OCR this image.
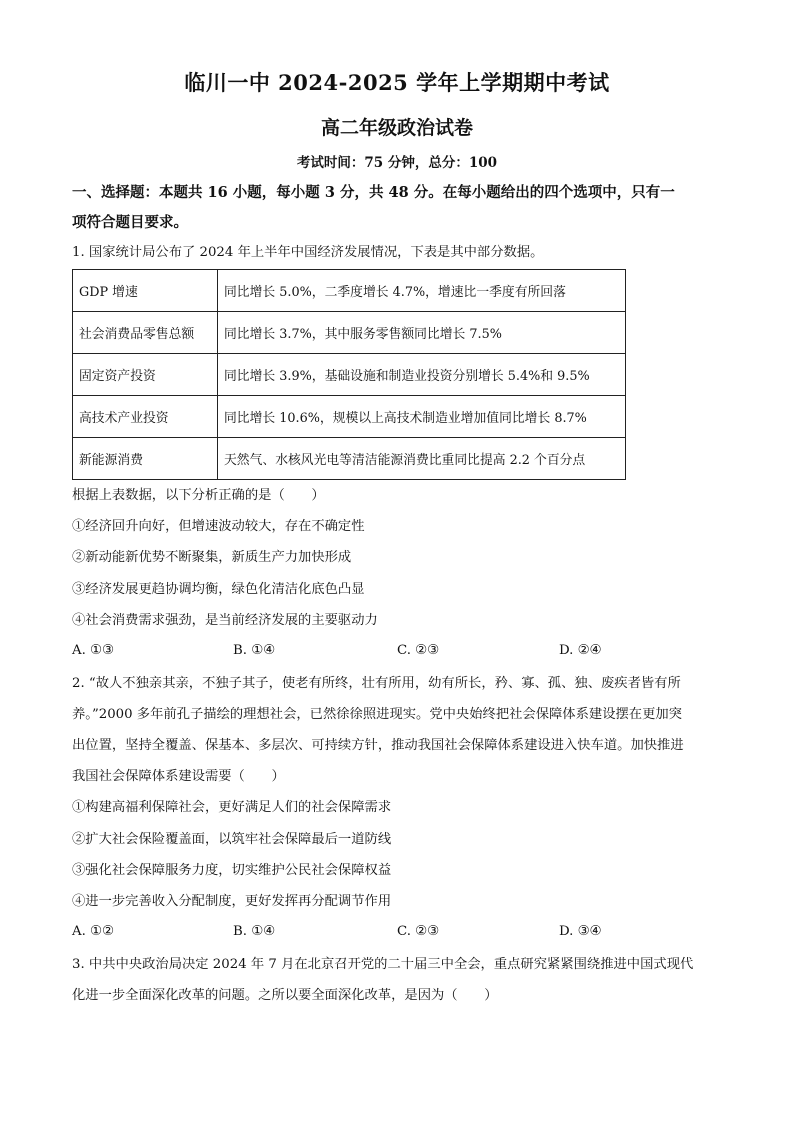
临川一中 2024-2025 学年上学期期中考试
高二年级政治试卷
考试时间：75 分钟，总分：100
一、选择题：本题共 16 小题，每小题 3 分，共 48 分。在每小题给出的四个选项中，只有一
项符合题目要求。
1. 国家统计局公布了 2024 年上半年中国经济发展情况，下表是其中部分数据。
GDP 增速	同比增长 5.0%，二季度增长 4.7%，增速比一季度有所回落
社会消费品零售总额	同比增长 3.7%，其中服务零售额同比增长 7.5%
固定资产投资	同比增长 3.9%，基础设施和制造业投资分别增长 5.4%和 9.5%
高技术产业投资	同比增长 10.6%，规模以上高技术制造业增加值同比增长 8.7%
新能源消费	天然气、水核风光电等清洁能源消费比重同比提高 2.2 个百分点
根据上表数据，以下分析正确的是（　　）
①经济回升向好，但增速波动较大，存在不确定性
②新动能新优势不断聚集，新质生产力加快形成
③经济发展更趋协调均衡，绿色化清洁化底色凸显
④社会消费需求强劲，是当前经济发展的主要驱动力
A. ①③	B. ①④	C. ②③	D. ②④
2. “故人不独亲其亲，不独子其子，使老有所终，壮有所用，幼有所长，矜、寡、孤、独、废疾者皆有所
养。”2000 多年前孔子描绘的理想社会，已然徐徐照进现实。党中央始终把社会保障体系建设摆在更加突
出位置，坚持全覆盖、保基本、多层次、可持续方针，推动我国社会保障体系建设进入快车道。加快推进
我国社会保障体系建设需要（　　）
①构建高福利保障社会，更好满足人们的社会保障需求
②扩大社会保险覆盖面，以筑牢社会保障最后一道防线
③强化社会保障服务力度，切实维护公民社会保障权益
④进一步完善收入分配制度，更好发挥再分配调节作用
A. ①②	B. ①④	C. ②③	D. ③④
3. 中共中央政治局决定 2024 年 7 月在北京召开党的二十届三中全会，重点研究紧紧围绕推进中国式现代
化进一步全面深化改革的问题。之所以要全面深化改革，是因为（　　）
